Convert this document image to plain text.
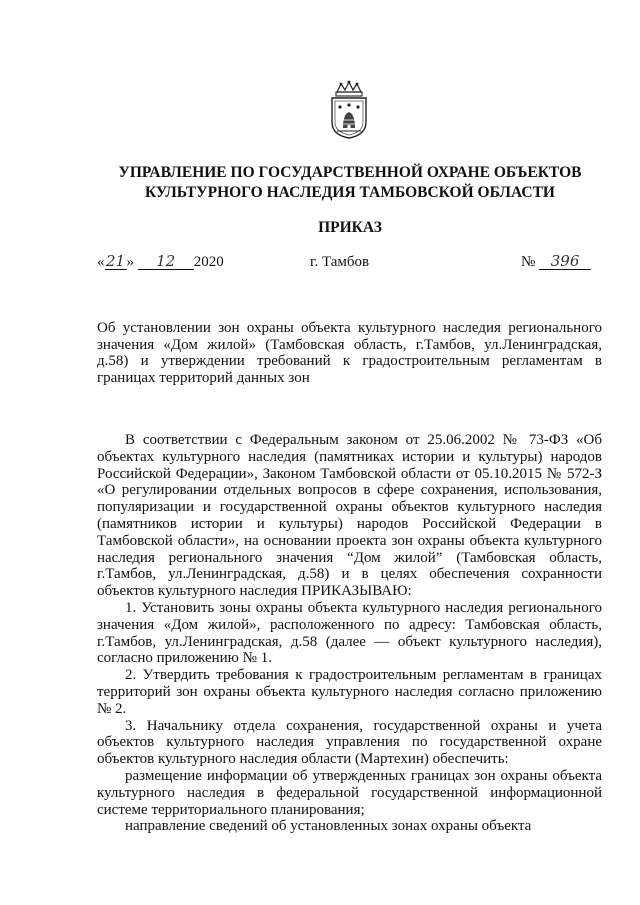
УПРАВЛЕНИЕ ПО ГОСУДАРСТВЕННОЙ ОХРАНЕ ОБЪЕКТОВ
КУЛЬТУРНОГО НАСЛЕДИЯ ТАМБОВСКОЙ ОБЛАСТИ
ПРИКАЗ
«21» 12 2020	г. Тамбов	№ 396
Об установлении зон охраны объекта культурного наследия регионального значения «Дом жилой» (Тамбовская область, г.Тамбов, ул.Ленинградская, д.58) и утверждении требований к градостроительным регламентам в границах территорий данных зон

В соответствии с Федеральным законом от 25.06.2002 № 73-ФЗ «Об объектах культурного наследия (памятниках истории и культуры) народов Российской Федерации», Законом Тамбовской области от 05.10.2015 № 572-З «О регулировании отдельных вопросов в сфере сохранения, использования, популяризации и государственной охраны объектов культурного наследия (памятников истории и культуры) народов Российской Федерации в Тамбовской области», на основании проекта зон охраны объекта культурного наследия регионального значения “Дом жилой” (Тамбовская область, г.Тамбов, ул.Ленинградская, д.58) и в целях обеспечения сохранности объектов культурного наследия ПРИКАЗЫВАЮ:

1. Установить зоны охраны объекта культурного наследия регионального значения «Дом жилой», расположенного по адресу: Тамбовская область, г.Тамбов, ул.Ленинградская, д.58 (далее — объект культурного наследия), согласно приложению № 1.

2. Утвердить требования к градостроительным регламентам в границах территорий зон охраны объекта культурного наследия согласно приложению № 2.

3. Начальнику отдела сохранения, государственной охраны и учета объектов культурного наследия управления по государственной охране объектов культурного наследия области (Мартехин) обеспечить:

размещение информации об утвержденных границах зон охраны объекта культурного наследия в федеральной государственной информационной системе территориального планирования;

направление сведений об установленных зонах охраны объекта
